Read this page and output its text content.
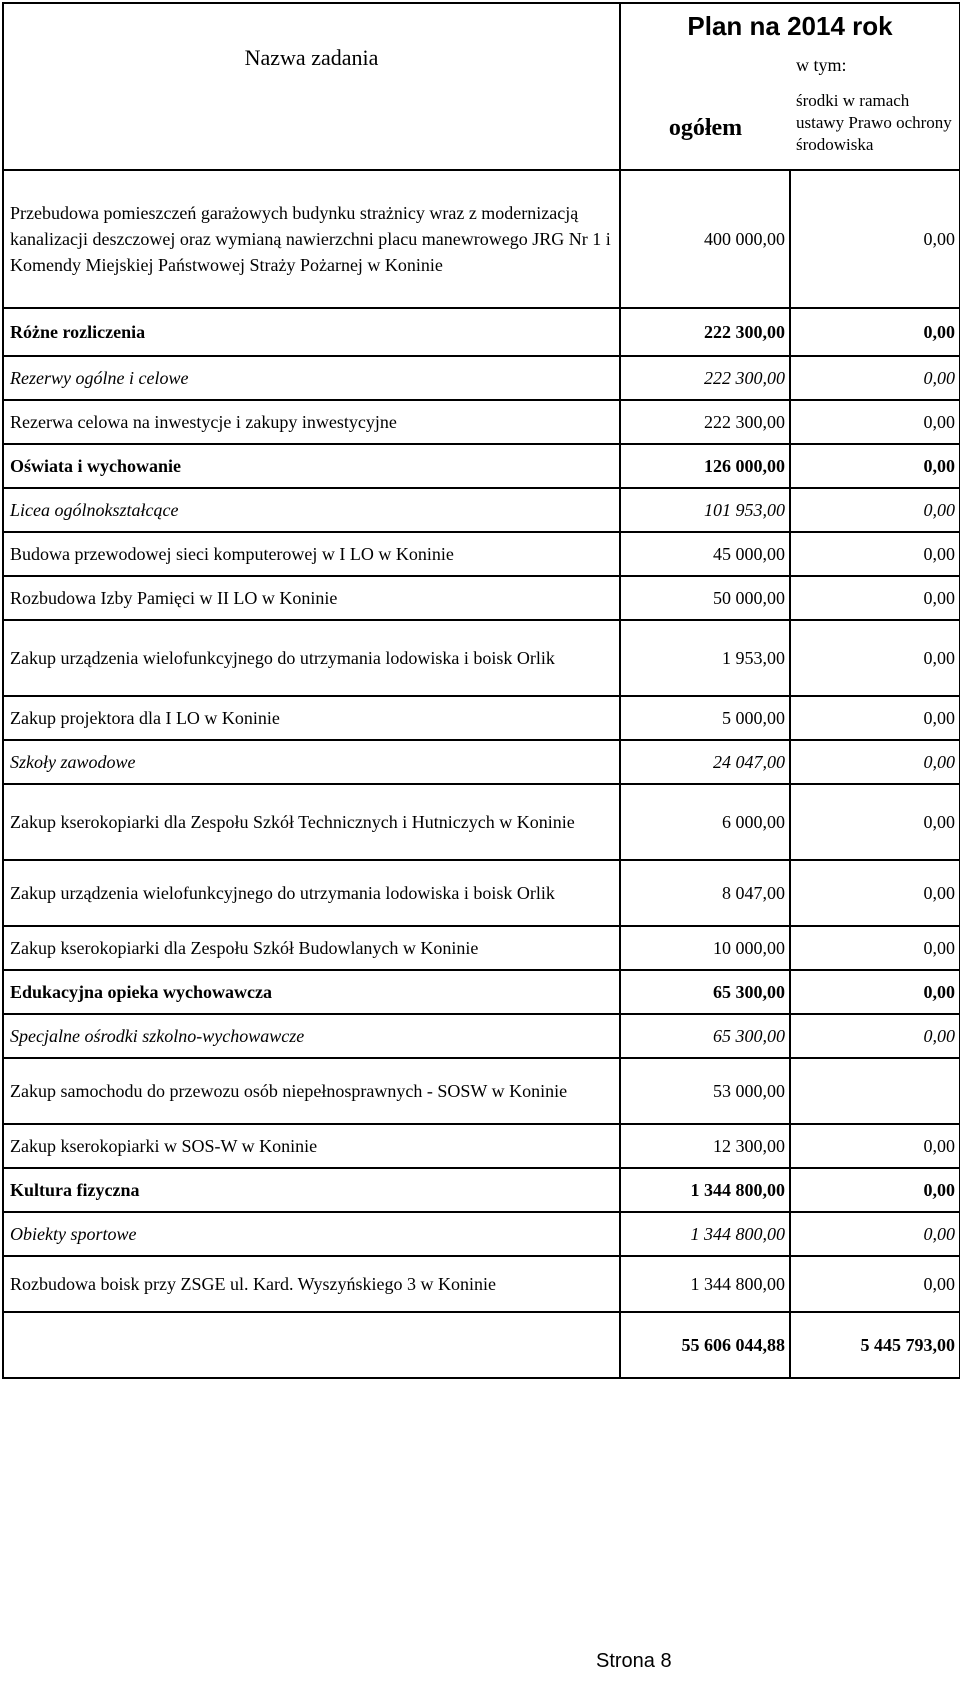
Nazwa zadania	Plan na 2014 rok	
	ogółem	w tym:
środki w ramach ustawy Prawo ochrony środowiska

Przebudowa pomieszczeń garażowych budynku strażnicy wraz z modernizacją kanalizacji deszczowej oraz wymianą nawierzchni placu manewrowego JRG Nr 1 i Komendy Miejskiej Państwowej Straży Pożarnej w Koninie	400 000,00	0,00
Różne rozliczenia	222 300,00	0,00
Rezerwy ogólne i celowe	222 300,00	0,00
Rezerwa celowa na inwestycje i zakupy inwestycyjne	222 300,00	0,00
Oświata i wychowanie	126 000,00	0,00
Licea ogólnokształcące	101 953,00	0,00
Budowa przewodowej sieci komputerowej w I LO w Koninie	45 000,00	0,00
Rozbudowa Izby Pamięci w II LO w Koninie	50 000,00	0,00
Zakup urządzenia wielofunkcyjnego do utrzymania lodowiska i boisk Orlik	1 953,00	0,00
Zakup projektora dla I LO w Koninie	5 000,00	0,00
Szkoły zawodowe	24 047,00	0,00
Zakup kserokopiarki dla Zespołu Szkół Technicznych i Hutniczych w Koninie	6 000,00	0,00
Zakup urządzenia wielofunkcyjnego do utrzymania lodowiska i boisk Orlik	8 047,00	0,00
Zakup kserokopiarki dla Zespołu Szkół Budowlanych w Koninie	10 000,00	0,00
Edukacyjna opieka wychowawcza	65 300,00	0,00
Specjalne ośrodki szkolno-wychowawcze	65 300,00	0,00
Zakup samochodu do przewozu osób niepełnosprawnych - SOSW w Koninie	53 000,00	
Zakup kserokopiarki w SOS-W w Koninie	12 300,00	0,00
Kultura fizyczna	1 344 800,00	0,00
Obiekty sportowe	1 344 800,00	0,00
Rozbudowa boisk przy ZSGE ul. Kard. Wyszyńskiego 3 w Koninie	1 344 800,00	0,00
	55 606 044,88	5 445 793,00
Strona 8
